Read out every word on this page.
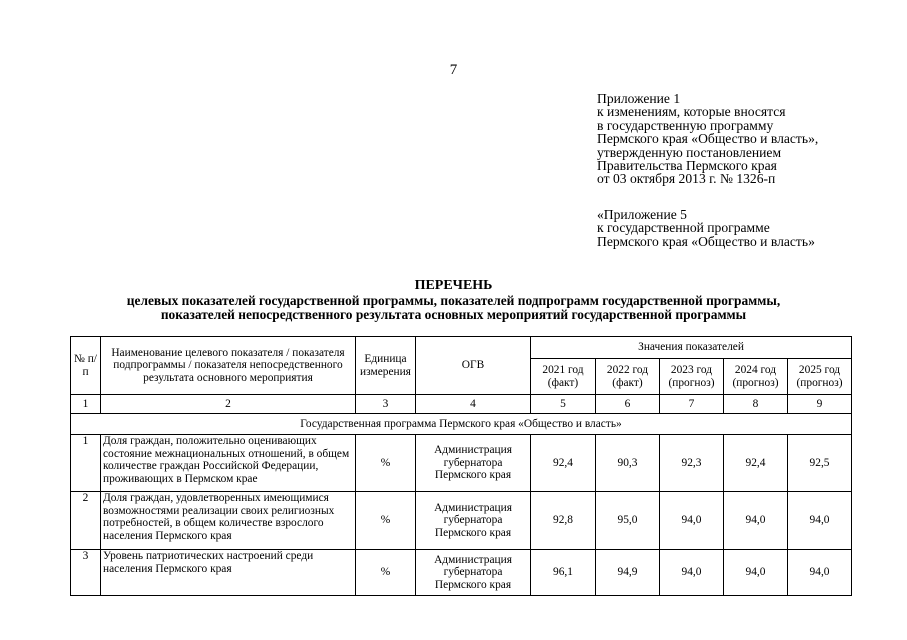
7
Приложение 1
к изменениям, которые вносятся
в государственную программу
Пермского края «Общество и власть»,
утвержденную постановлением
Правительства Пермского края
от 03 октября 2013 г. № 1326-п
«Приложение 5
к государственной программе
Пермского края «Общество и власть»
ПЕРЕЧЕНЬ
целевых показателей государственной программы, показателей подпрограмм государственной программы,
показателей непосредственного результата основных мероприятий государственной программы
№ п/п	Наименование целевого показателя / показателя подпрограммы / показателя непосредственного результата основного мероприятия	Единица измерения	ОГВ	Значения показателей				
				2021 год (факт)	2022 год (факт)	2023 год (прогноз)	2024 год (прогноз)	2025 год (прогноз)
1	2	3	4	5	6	7	8	9
Государственная программа Пермского края «Общество и власть»								
1	Доля граждан, положительно оценивающих состояние межнациональных отношений, в общем количестве граждан Российской Федерации, проживающих в Пермском крае	%	Администрация губернатора Пермского края	92,4	90,3	92,3	92,4	92,5
2	Доля граждан, удовлетворенных имеющимися возможностями реализации своих религиозных потребностей, в общем количестве взрослого населения Пермского края	%	Администрация губернатора Пермского края	92,8	95,0	94,0	94,0	94,0
3	Уровень патриотических настроений среди населения Пермского края	%	Администрация губернатора Пермского края	96,1	94,9	94,0	94,0	94,0
